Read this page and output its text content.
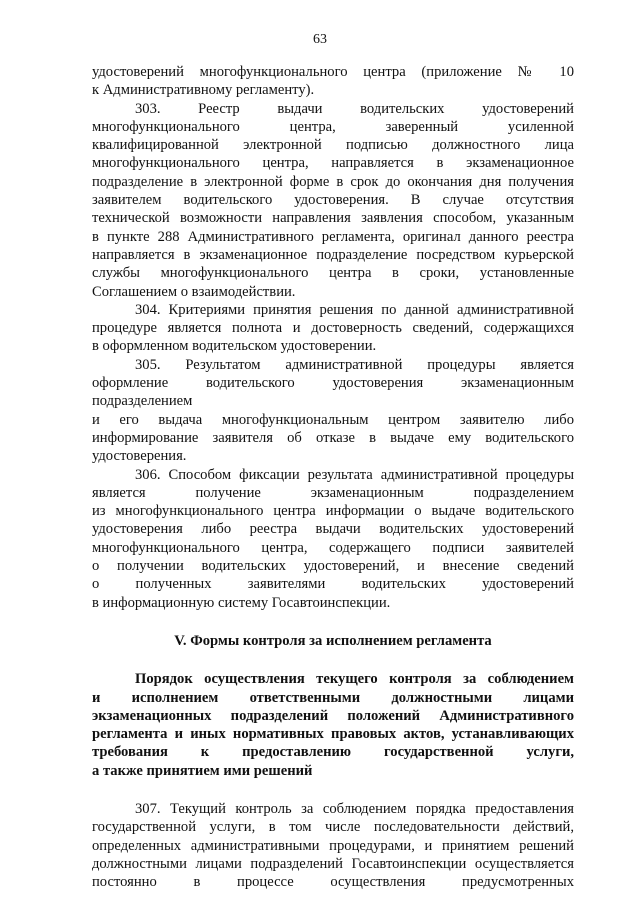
63
удостоверений многофункционального центра (приложение № 10
к Административному регламенту).
303. Реестр выдачи водительских удостоверений
многофункционального центра, заверенный усиленной
квалифицированной электронной подписью должностного лица
многофункционального центра, направляется в экзаменационное
подразделение в электронной форме в срок до окончания дня получения
заявителем водительского удостоверения. В случае отсутствия
технической возможности направления заявления способом, указанным
в пункте 288 Административного регламента, оригинал данного реестра
направляется в экзаменационное подразделение посредством курьерской
службы многофункционального центра в сроки, установленные
Соглашением о взаимодействии.
304. Критериями принятия решения по данной административной
процедуре является полнота и достоверность сведений, содержащихся
в оформленном водительском удостоверении.
305. Результатом административной процедуры является
оформление водительского удостоверения экзаменационным
подразделением
и его выдача многофункциональным центром заявителю либо
информирование заявителя об отказе в выдаче ему водительского
удостоверения.
306. Способом фиксации результата административной процедуры
является получение экзаменационным подразделением
из многофункционального центра информации о выдаче водительского
удостоверения либо реестра выдачи водительских удостоверений
многофункционального центра, содержащего подписи заявителей
о получении водительских удостоверений, и внесение сведений
о полученных заявителями водительских удостоверений
в информационную систему Госавтоинспекции.
V. Формы контроля за исполнением регламента
Порядок осуществления текущего контроля за соблюдением
и исполнением ответственными должностными лицами
экзаменационных подразделений положений Административного
регламента и иных нормативных правовых актов, устанавливающих
требования к предоставлению государственной услуги,
а также принятием ими решений
307. Текущий контроль за соблюдением порядка предоставления
государственной услуги, в том числе последовательности действий,
определенных административными процедурами, и принятием решений
должностными лицами подразделений Госавтоинспекции осуществляется
постоянно в процессе осуществления предусмотренных
